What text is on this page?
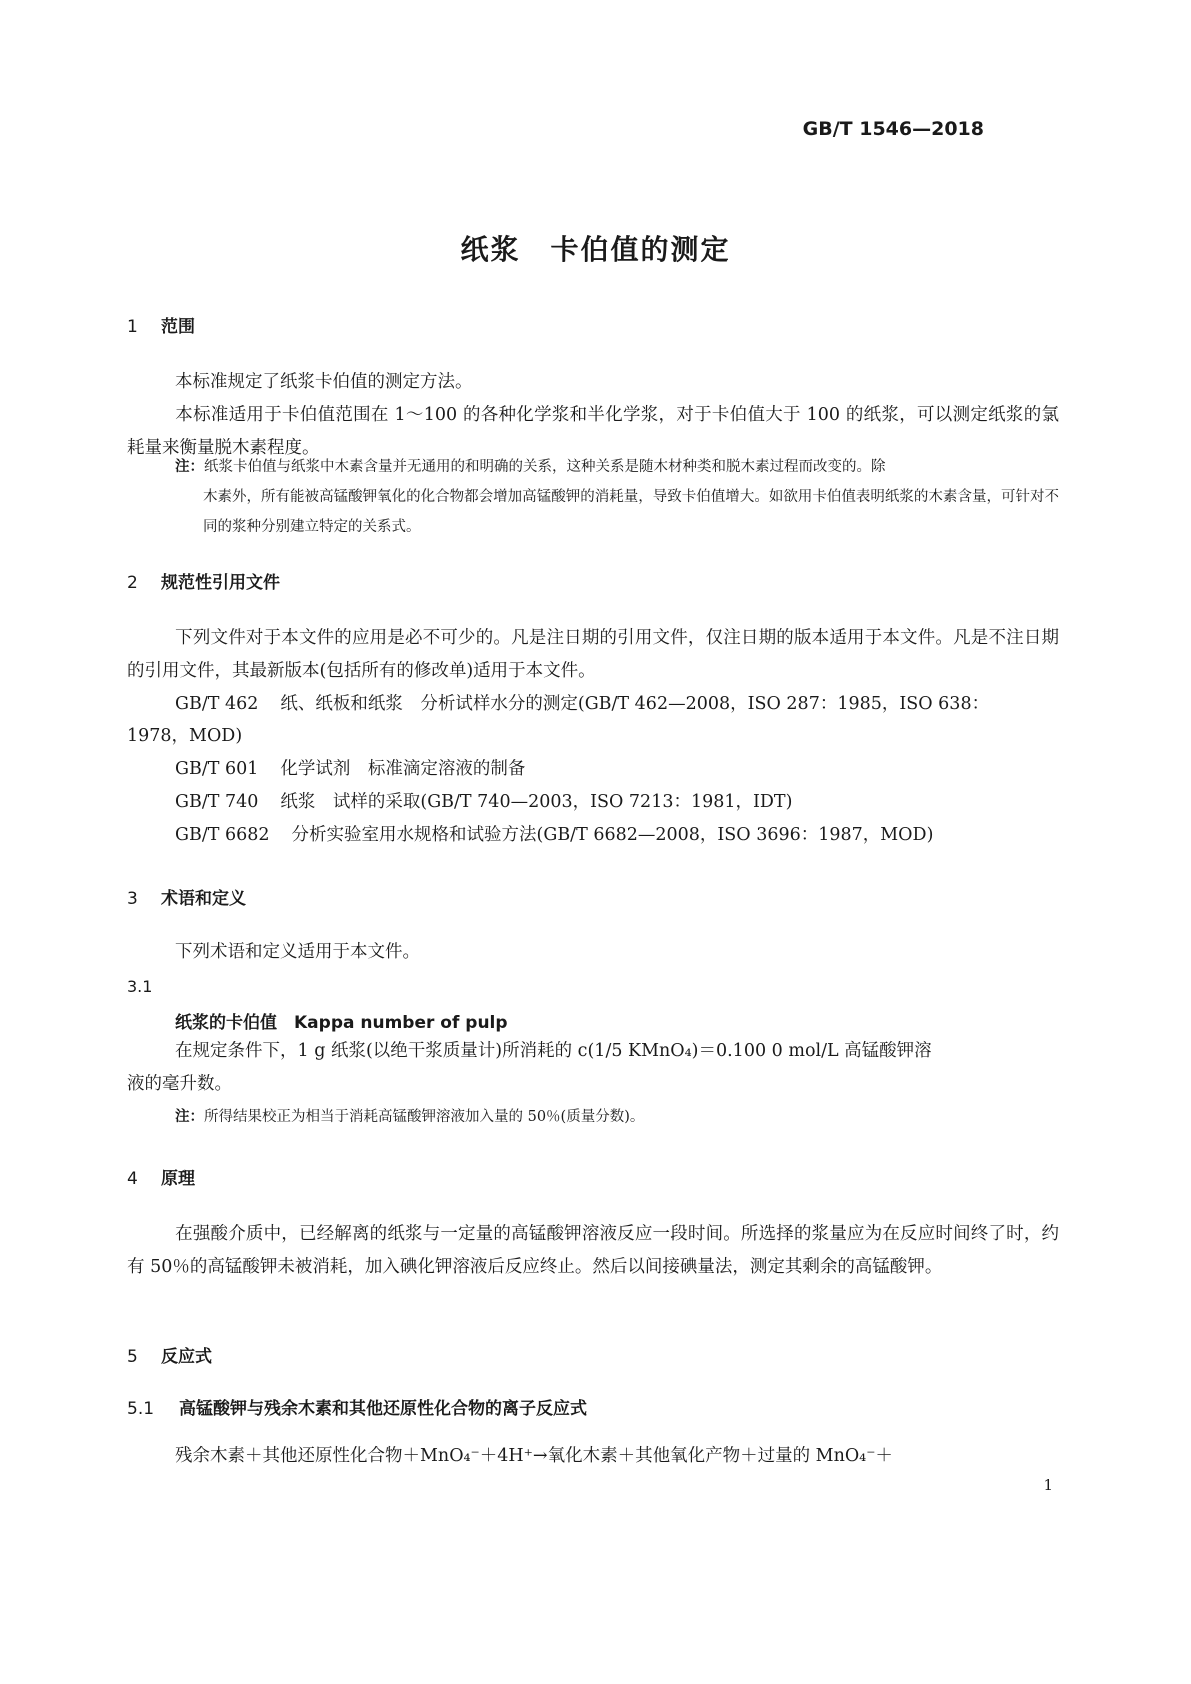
GB/T 1546—2018
纸浆　卡伯值的测定
1 范围
本标准规定了纸浆卡伯值的测定方法。
本标准适用于卡伯值范围在 1～100 的各种化学浆和半化学浆，对于卡伯值大于 100 的纸浆，可以测定纸浆的氯耗量来衡量脱木素程度。
注：纸浆卡伯值与纸浆中木素含量并无通用的和明确的关系，这种关系是随木材种类和脱木素过程而改变的。除
木素外，所有能被高锰酸钾氧化的化合物都会增加高锰酸钾的消耗量，导致卡伯值增大。如欲用卡伯值表明纸浆的木素含量，可针对不同的浆种分别建立特定的关系式。
2 规范性引用文件
下列文件对于本文件的应用是必不可少的。凡是注日期的引用文件，仅注日期的版本适用于本文件。凡是不注日期的引用文件，其最新版本(包括所有的修改单)适用于本文件。
GB/T 462 纸、纸板和纸浆　分析试样水分的测定(GB/T 462—2008，ISO 287：1985，ISO 638：
1978，MOD)
GB/T 601 化学试剂　标准滴定溶液的制备
GB/T 740 纸浆　试样的采取(GB/T 740—2003，ISO 7213：1981，IDT)
GB/T 6682 分析实验室用水规格和试验方法(GB/T 6682—2008，ISO 3696：1987，MOD)
3 术语和定义
下列术语和定义适用于本文件。
3.1
纸浆的卡伯值　Kappa number of pulp
在规定条件下，1 g 纸浆(以绝干浆质量计)所消耗的 c(1/5 KMnO₄)＝0.100 0 mol/L 高锰酸钾溶
液的毫升数。
注：所得结果校正为相当于消耗高锰酸钾溶液加入量的 50％(质量分数)。
4 原理
在强酸介质中，已经解离的纸浆与一定量的高锰酸钾溶液反应一段时间。所选择的浆量应为在反应时间终了时，约有 50％的高锰酸钾未被消耗，加入碘化钾溶液后反应终止。然后以间接碘量法，测定其剩余的高锰酸钾。
5 反应式
5.1 高锰酸钾与残余木素和其他还原性化合物的离子反应式
残余木素＋其他还原性化合物＋MnO₄⁻＋4H⁺→氧化木素＋其他氧化产物＋过量的 MnO₄⁻＋
1
